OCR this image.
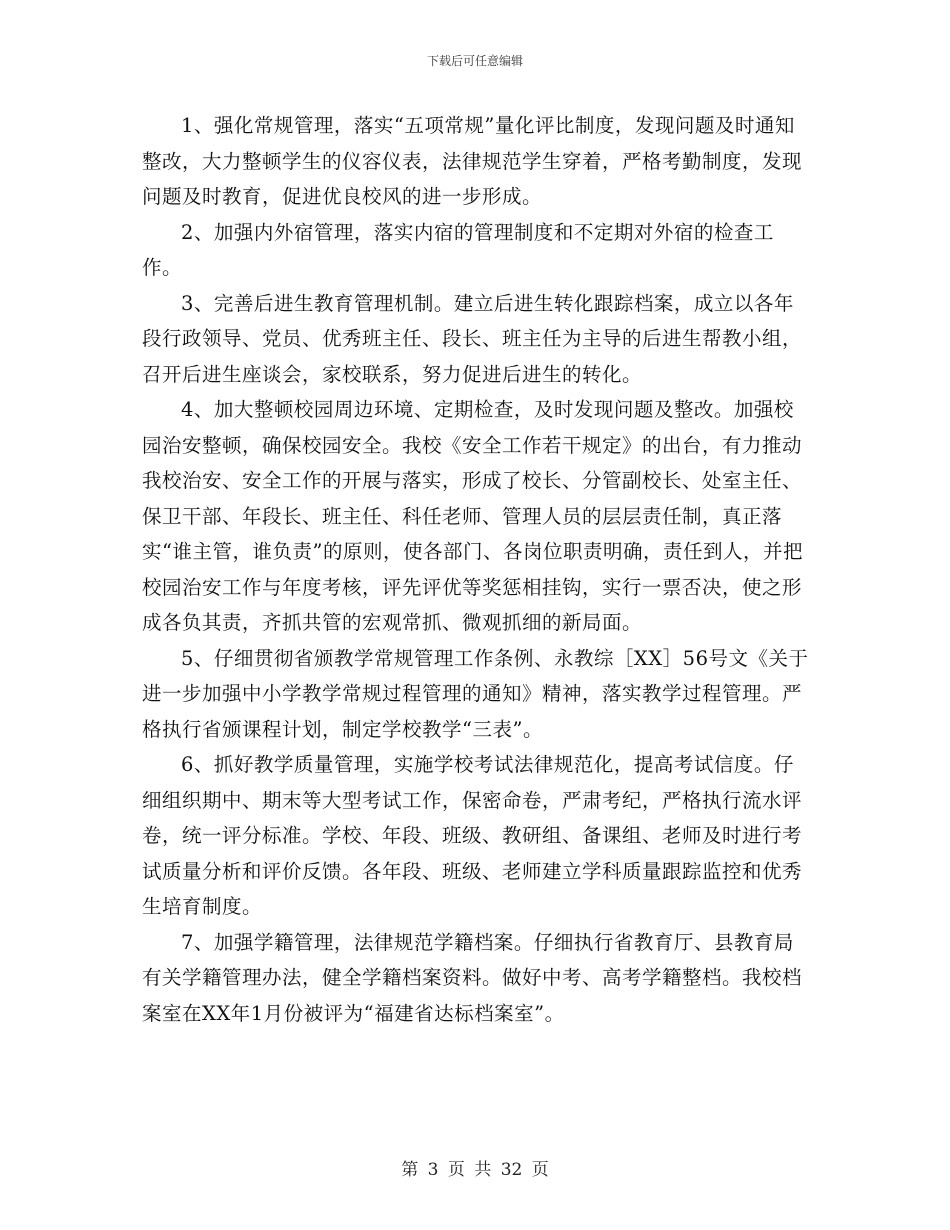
下载后可任意编辑

1、强化常规管理，落实“五项常规”量化评比制度，发现问题及时通知整改，大力整顿学生的仪容仪表，法律规范学生穿着，严格考勤制度，发现问题及时教育，促进优良校风的进一步形成。

2、加强内外宿管理，落实内宿的管理制度和不定期对外宿的检查工作。

3、完善后进生教育管理机制。建立后进生转化跟踪档案，成立以各年段行政领导、党员、优秀班主任、段长、班主任为主导的后进生帮教小组，召开后进生座谈会，家校联系，努力促进后进生的转化。

4、加大整顿校园周边环境、定期检查，及时发现问题及整改。加强校园治安整顿，确保校园安全。我校《安全工作若干规定》的出台，有力推动我校治安、安全工作的开展与落实，形成了校长、分管副校长、处室主任、保卫干部、年段长、班主任、科任老师、管理人员的层层责任制，真正落实“谁主管，谁负责”的原则，使各部门、各岗位职责明确，责任到人，并把校园治安工作与年度考核，评先评优等奖惩相挂钩，实行一票否决，使之形成各负其责，齐抓共管的宏观常抓、微观抓细的新局面。

5、仔细贯彻省颁教学常规管理工作条例、永教综［XX］56号文《关于进一步加强中小学教学常规过程管理的通知》精神，落实教学过程管理。严格执行省颁课程计划，制定学校教学“三表”。

6、抓好教学质量管理，实施学校考试法律规范化，提高考试信度。仔细组织期中、期末等大型考试工作，保密命卷，严肃考纪，严格执行流水评卷，统一评分标准。学校、年段、班级、教研组、备课组、老师及时进行考试质量分析和评价反馈。各年段、班级、老师建立学科质量跟踪监控和优秀生培育制度。

7、加强学籍管理，法律规范学籍档案。仔细执行省教育厅、县教育局有关学籍管理办法，健全学籍档案资料。做好中考、高考学籍整档。我校档案室在XX年1月份被评为“福建省达标档案室”。

第 3 页 共 32 页
